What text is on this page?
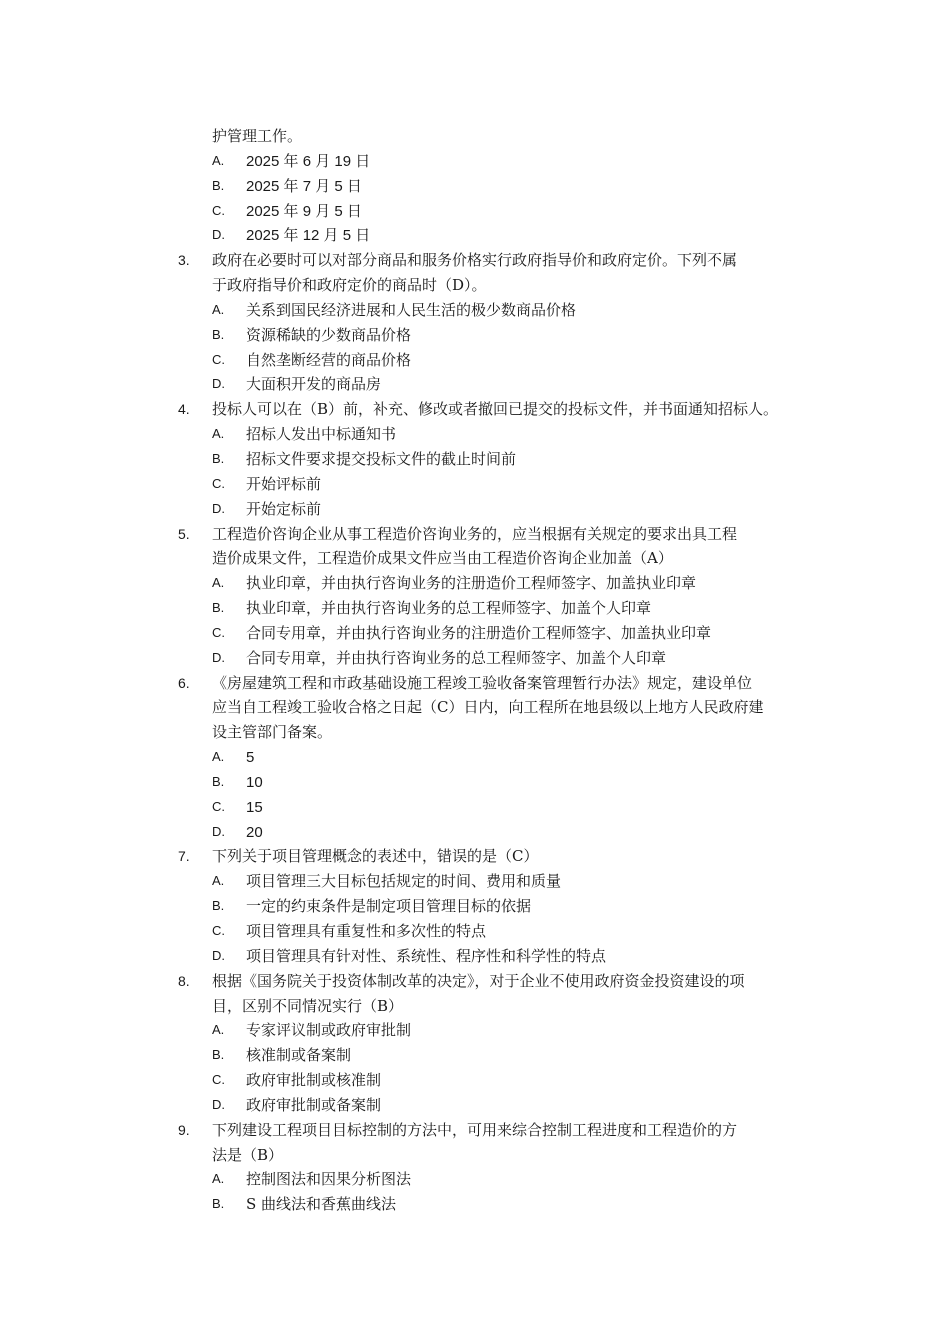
护管理工作。
A. 2025 年 6 月 19 日
B. 2025 年 7 月 5 日
C. 2025 年 9 月 5 日
D. 2025 年 12 月 5 日
3. 政府在必要时可以对部分商品和服务价格实行政府指导价和政府定价。下列不属
于政府指导价和政府定价的商品时（D）。
A. 关系到国民经济进展和人民生活的极少数商品价格
B. 资源稀缺的少数商品价格
C. 自然垄断经营的商品价格
D. 大面积开发的商品房
4. 投标人可以在（B）前，补充、修改或者撤回已提交的投标文件，并书面通知招标人。
A. 招标人发出中标通知书
B. 招标文件要求提交投标文件的截止时间前
C. 开始评标前
D. 开始定标前
5. 工程造价咨询企业从事工程造价咨询业务的，应当根据有关规定的要求出具工程
造价成果文件，工程造价成果文件应当由工程造价咨询企业加盖（A）
A. 执业印章，并由执行咨询业务的注册造价工程师签字、加盖执业印章
B. 执业印章，并由执行咨询业务的总工程师签字、加盖个人印章
C. 合同专用章，并由执行咨询业务的注册造价工程师签字、加盖执业印章
D. 合同专用章，并由执行咨询业务的总工程师签字、加盖个人印章
6. 《房屋建筑工程和市政基础设施工程竣工验收备案管理暂行办法》规定，建设单位
应当自工程竣工验收合格之日起（C）日内，向工程所在地县级以上地方人民政府建
设主管部门备案。
A. 5
B. 10
C. 15
D. 20
7. 下列关于项目管理概念的表述中，错误的是（C）
A. 项目管理三大目标包括规定的时间、费用和质量
B. 一定的约束条件是制定项目管理目标的依据
C. 项目管理具有重复性和多次性的特点
D. 项目管理具有针对性、系统性、程序性和科学性的特点
8. 根据《国务院关于投资体制改革的决定》，对于企业不使用政府资金投资建设的项
目，区别不同情况实行（B）
A. 专家评议制或政府审批制
B. 核准制或备案制
C. 政府审批制或核准制
D. 政府审批制或备案制
9. 下列建设工程项目目标控制的方法中，可用来综合控制工程进度和工程造价的方
法是（B）
A. 控制图法和因果分析图法
B. S 曲线法和香蕉曲线法
